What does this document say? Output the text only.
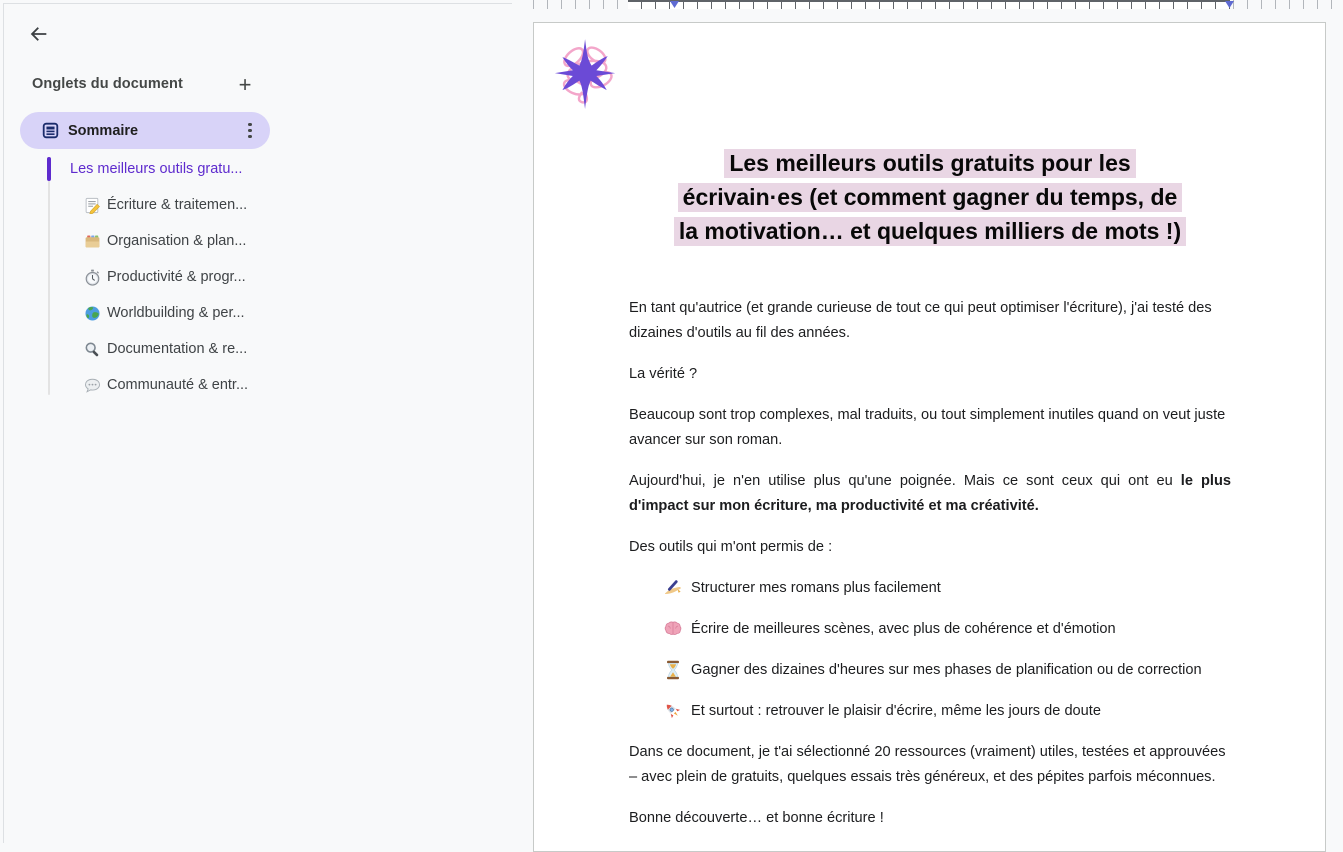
Onglets du document	+
Sommaire
Les meilleurs outils gratu...
Écriture & traitemen...
Organisation & plan...
Productivité & progr...
Worldbuilding & per...
Documentation & re...
Communauté & entr...
Les meilleurs outils gratuits pour les
écrivain·es (et comment gagner du temps, de
la motivation… et quelques milliers de mots !)
En tant qu'autrice (et grande curieuse de tout ce qui peut optimiser l'écriture), j'ai testé des dizaines d'outils au fil des années.
La vérité ?
Beaucoup sont trop complexes, mal traduits, ou tout simplement inutiles quand on veut juste avancer sur son roman.
Aujourd'hui, je n'en utilise plus qu'une poignée. Mais ce sont ceux qui ont eu le plus d'impact sur mon écriture, ma productivité et ma créativité.
Des outils qui m'ont permis de :
Structurer mes romans plus facilement
Écrire de meilleures scènes, avec plus de cohérence et d'émotion
Gagner des dizaines d'heures sur mes phases de planification ou de correction
Et surtout : retrouver le plaisir d'écrire, même les jours de doute
Dans ce document, je t'ai sélectionné 20 ressources (vraiment) utiles, testées et approuvées – avec plein de gratuits, quelques essais très généreux, et des pépites parfois méconnues.
Bonne découverte… et bonne écriture !
